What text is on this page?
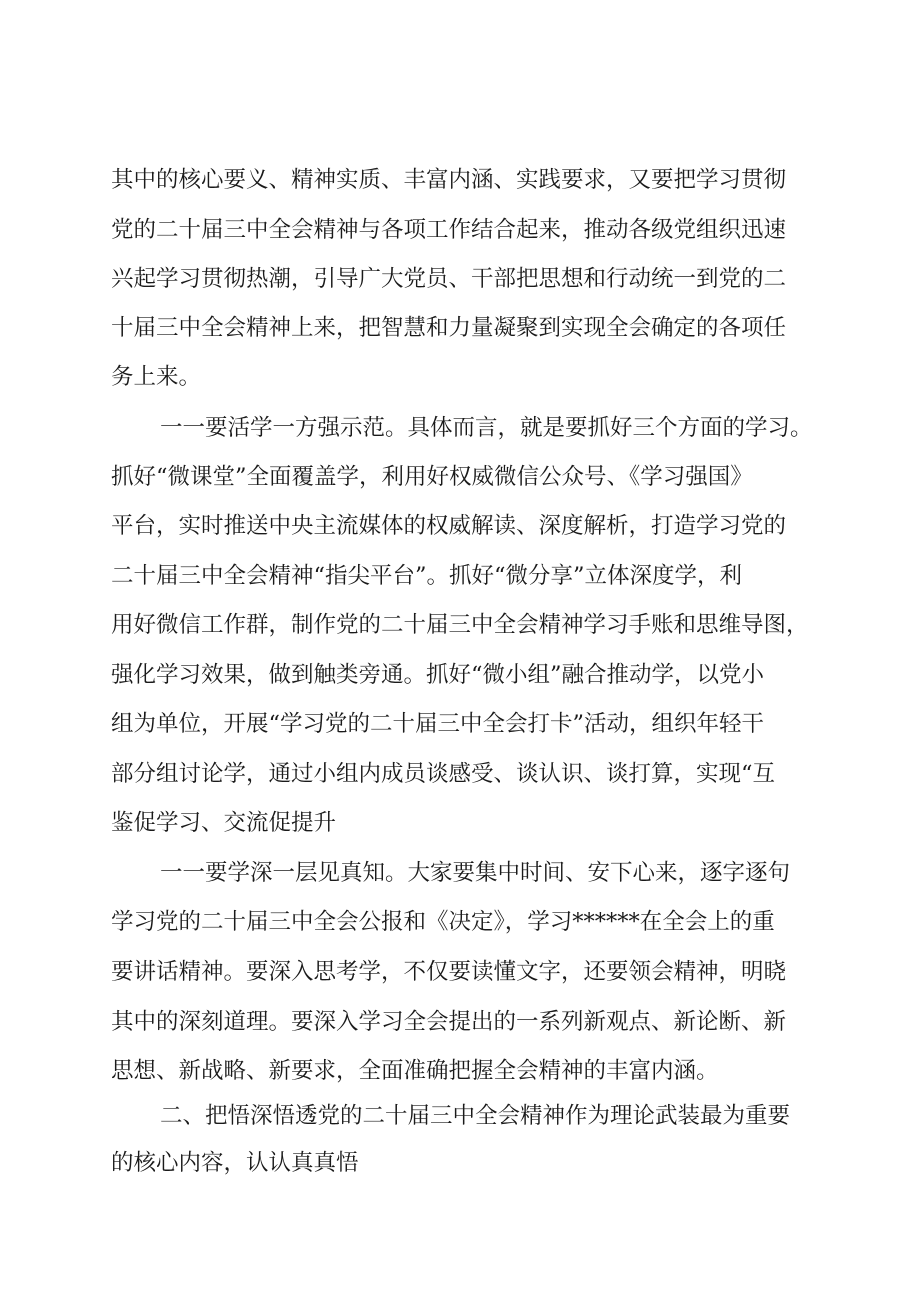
其中的核心要义、精神实质、丰富内涵、实践要求，又要把学习贯彻

党的二十届三中全会精神与各项工作结合起来，推动各级党组织迅速

兴起学习贯彻热潮，引导广大党员、干部把思想和行动统一到党的二

十届三中全会精神上来，把智慧和力量凝聚到实现全会确定的各项任

务上来。

一一要活学一方强示范。具体而言，就是要抓好三个方面的学习。

抓好“微课堂”全面覆盖学，利用好权威微信公众号、《学习强国》

平台，实时推送中央主流媒体的权威解读、深度解析，打造学习党的

二十届三中全会精神“指尖平台”。抓好“微分享”立体深度学，利

用好微信工作群，制作党的二十届三中全会精神学习手账和思维导图，

强化学习效果，做到触类旁通。抓好“微小组”融合推动学，以党小

组为单位，开展“学习党的二十届三中全会打卡”活动，组织年轻干

部分组讨论学，通过小组内成员谈感受、谈认识、谈打算，实现“互

鉴促学习、交流促提升

一一要学深一层见真知。大家要集中时间、安下心来，逐字逐句

学习党的二十届三中全会公报和《决定》，学习******在全会上的重

要讲话精神。要深入思考学，不仅要读懂文字，还要领会精神，明晓

其中的深刻道理。要深入学习全会提出的一系列新观点、新论断、新

思想、新战略、新要求，全面准确把握全会精神的丰富内涵。

二、把悟深悟透党的二十届三中全会精神作为理论武装最为重要

的核心内容，认认真真悟
